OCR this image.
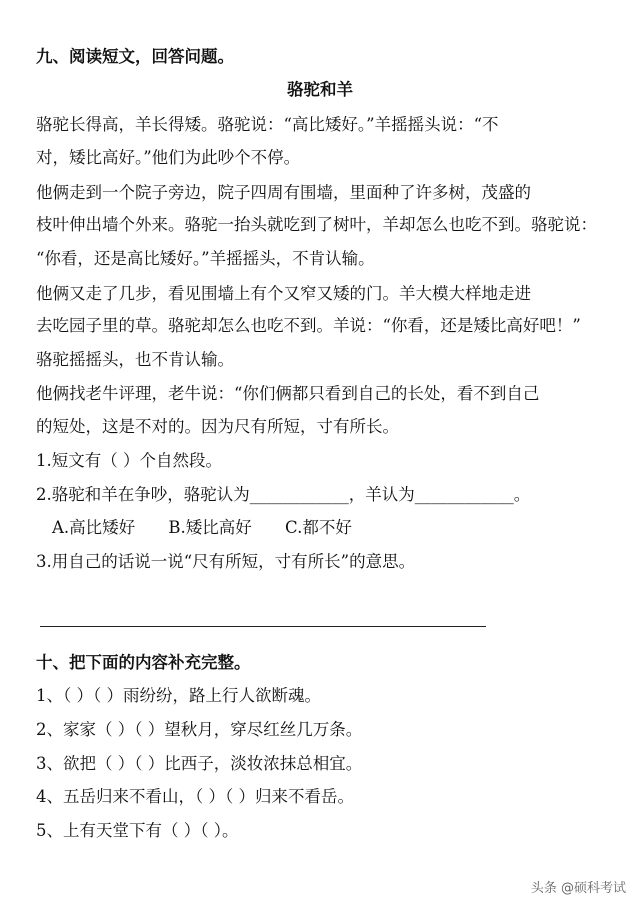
九、阅读短文，回答问题。
骆驼和羊
骆驼长得高，羊长得矮。骆驼说：“高比矮好。”羊摇摇头说：“不
对，矮比高好。”他们为此吵个不停。
他俩走到一个院子旁边，院子四周有围墙，里面种了许多树，茂盛的
枝叶伸出墙个外来。骆驼一抬头就吃到了树叶，羊却怎么也吃不到。骆驼说：
“你看，还是高比矮好。”羊摇摇头，不肯认输。
他俩又走了几步，看见围墙上有个又窄又矮的门。羊大模大样地走进
去吃园子里的草。骆驼却怎么也吃不到。羊说：“你看，还是矮比高好吧！”
骆驼摇摇头，也不肯认输。
他俩找老牛评理，老牛说：“你们俩都只看到自己的长处，看不到自己
的短处，这是不对的。因为尺有所短，寸有所长。
1.短文有（ ）个自然段。
2.骆驼和羊在争吵，骆驼认为____________，羊认为____________。
A.高比矮好 B.矮比高好 C.都不好
3.用自己的话说一说“尺有所短，寸有所长”的意思。
十、把下面的内容补充完整。
1、（ ）（ ）雨纷纷，路上行人欲断魂。
2、家家（ ）（ ）望秋月，穿尽红丝几万条。
3、欲把（ ）（ ）比西子，淡妆浓抹总相宜。
4、五岳归来不看山，（ ）（ ）归来不看岳。
5、上有天堂下有（ ）（ ）。
头条 @硕科考试
